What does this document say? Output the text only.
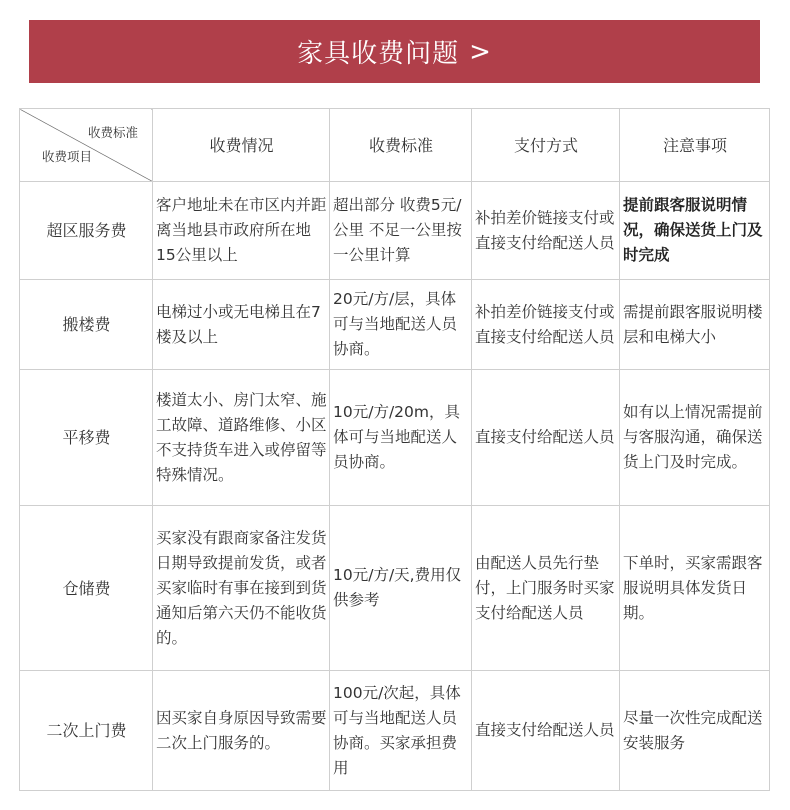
家具收费问题 >
收费标准
收费项目	收费情况	收费标准	支付方式	注意事项
超区服务费	客户地址未在市区内并距离当地县市政府所在地15公里以上	超出部分 收费5元/公里 不足一公里按一公里计算	补拍差价链接支付或直接支付给配送人员	提前跟客服说明情况，确保送货上门及时完成
搬楼费	电梯过小或无电梯且在7楼及以上	20元/方/层，具体可与当地配送人员协商。	补拍差价链接支付或直接支付给配送人员	需提前跟客服说明楼层和电梯大小
平移费	楼道太小、房门太窄、施工故障、道路维修、小区不支持货车进入或停留等特殊情况。	10元/方/20m，具体可与当地配送人员协商。	直接支付给配送人员	如有以上情况需提前与客服沟通，确保送货上门及时完成。
仓储费	买家没有跟商家备注发货日期导致提前发货，或者买家临时有事在接到到货通知后第六天仍不能收货的。	10元/方/天,费用仅供参考	由配送人员先行垫付，上门服务时买家支付给配送人员	下单时，买家需跟客服说明具体发货日期。
二次上门费	因买家自身原因导致需要二次上门服务的。	100元/次起，具体可与当地配送人员协商。买家承担费用	直接支付给配送人员	尽量一次性完成配送安装服务
